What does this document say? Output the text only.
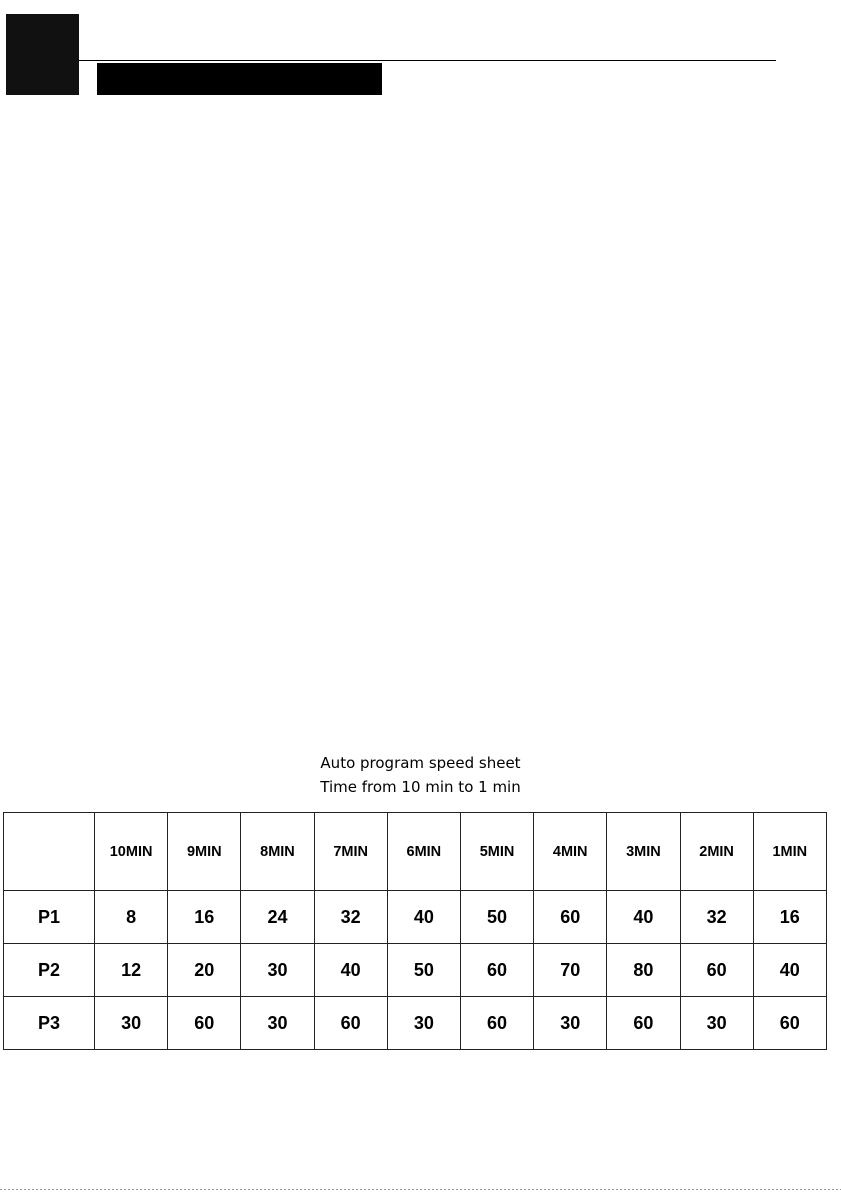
Auto program speed sheet
Time from 10 min to 1 min
	10MIN	9MIN	8MIN	7MIN	6MIN	5MIN	4MIN	3MIN	2MIN	1MIN
P1	8	16	24	32	40	50	60	40	32	16
P2	12	20	30	40	50	60	70	80	60	40
P3	30	60	30	60	30	60	30	60	30	60
